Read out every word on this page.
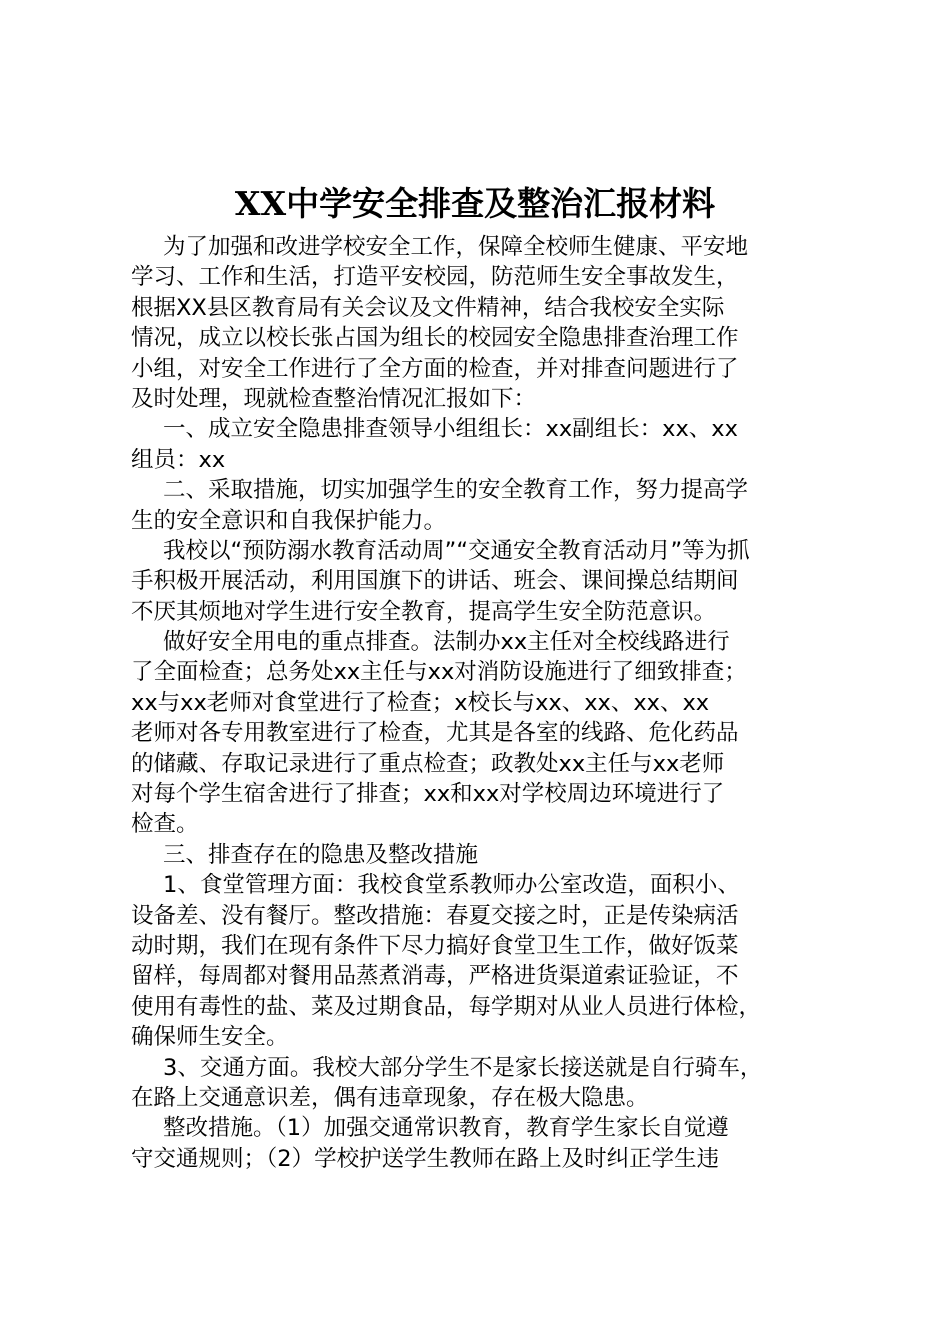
XX中学安全排查及整治汇报材料
为了加强和改进学校安全工作，保障全校师生健康、平安地
学习、工作和生活，打造平安校园，防范师生安全事故发生，
根据XX县区教育局有关会议及文件精神，结合我校安全实际
情况，成立以校长张占国为组长的校园安全隐患排查治理工作
小组，对安全工作进行了全方面的检查，并对排查问题进行了
及时处理，现就检查整治情况汇报如下：
一、成立安全隐患排查领导小组组长：xx副组长：xx、xx
组员：xx
二、采取措施，切实加强学生的安全教育工作，努力提高学
生的安全意识和自我保护能力。
我校以“预防溺水教育活动周”“交通安全教育活动月”等为抓
手积极开展活动，利用国旗下的讲话、班会、课间操总结期间
不厌其烦地对学生进行安全教育，提高学生安全防范意识。
做好安全用电的重点排查。法制办xx主任对全校线路进行
了全面检查；总务处xx主任与xx对消防设施进行了细致排查；
xx与xx老师对食堂进行了检查；x校长与xx、xx、xx、xx
老师对各专用教室进行了检查，尤其是各室的线路、危化药品
的储藏、存取记录进行了重点检查；政教处xx主任与xx老师
对每个学生宿舍进行了排查；xx和xx对学校周边环境进行了
检查。
三、排查存在的隐患及整改措施
1、食堂管理方面：我校食堂系教师办公室改造，面积小、
设备差、没有餐厅。整改措施：春夏交接之时，正是传染病活
动时期，我们在现有条件下尽力搞好食堂卫生工作，做好饭菜
留样，每周都对餐用品蒸煮消毒，严格进货渠道索证验证，不
使用有毒性的盐、菜及过期食品，每学期对从业人员进行体检，
确保师生安全。
3、交通方面。我校大部分学生不是家长接送就是自行骑车，
在路上交通意识差，偶有违章现象，存在极大隐患。
整改措施。（1）加强交通常识教育，教育学生家长自觉遵
守交通规则；（2）学校护送学生教师在路上及时纠正学生违
